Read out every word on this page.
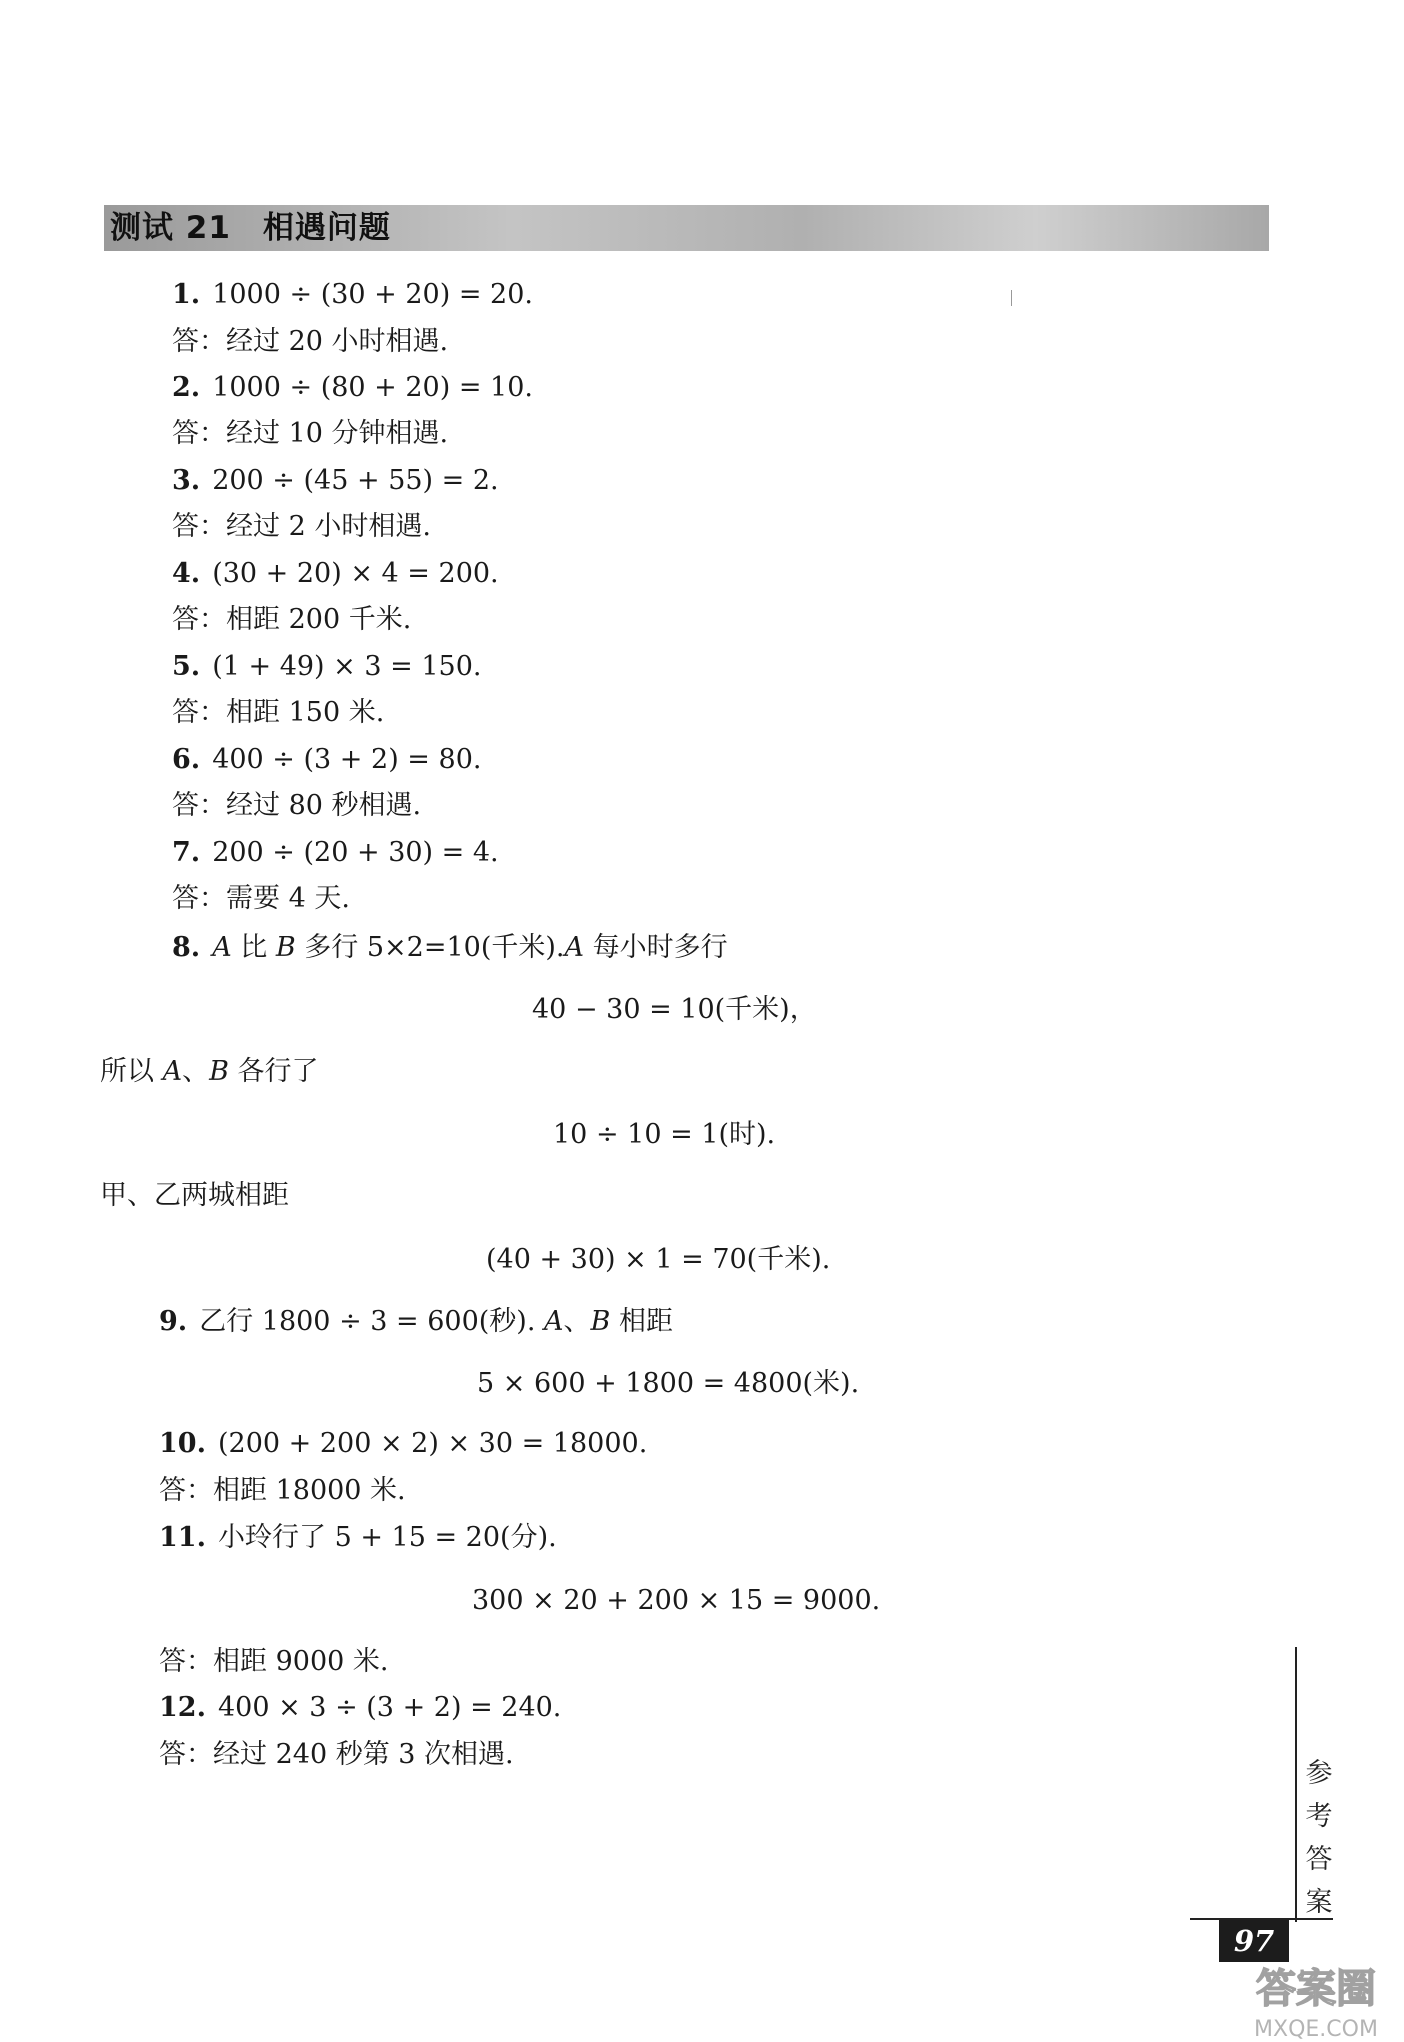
测试 21　相遇问题
1. 1000 ÷ (30 + 20) = 20.
答：经过 20 小时相遇.
2. 1000 ÷ (80 + 20) = 10.
答：经过 10 分钟相遇.
3. 200 ÷ (45 + 55) = 2.
答：经过 2 小时相遇.
4. (30 + 20) × 4 = 200.
答：相距 200 千米.
5. (1 + 49) × 3 = 150.
答：相距 150 米.
6. 400 ÷ (3 + 2) = 80.
答：经过 80 秒相遇.
7. 200 ÷ (20 + 30) = 4.
答：需要 4 天.
8. A 比 B 多行 5×2=10(千米).A 每小时多行
40 − 30 = 10(千米)，
所以 A、B 各行了
10 ÷ 10 = 1(时).
甲、乙两城相距
(40 + 30) × 1 = 70(千米).
9. 乙行 1800 ÷ 3 = 600(秒). A、B 相距
5 × 600 + 1800 = 4800(米).
10. (200 + 200 × 2) × 30 = 18000.
答：相距 18000 米.
11. 小玲行了 5 + 15 = 20(分).
300 × 20 + 200 × 15 = 9000.
答：相距 9000 米.
12. 400 × 3 ÷ (3 + 2) = 240.
答：经过 240 秒第 3 次相遇.
参考答案
97
答案圈
MXQE.COM
